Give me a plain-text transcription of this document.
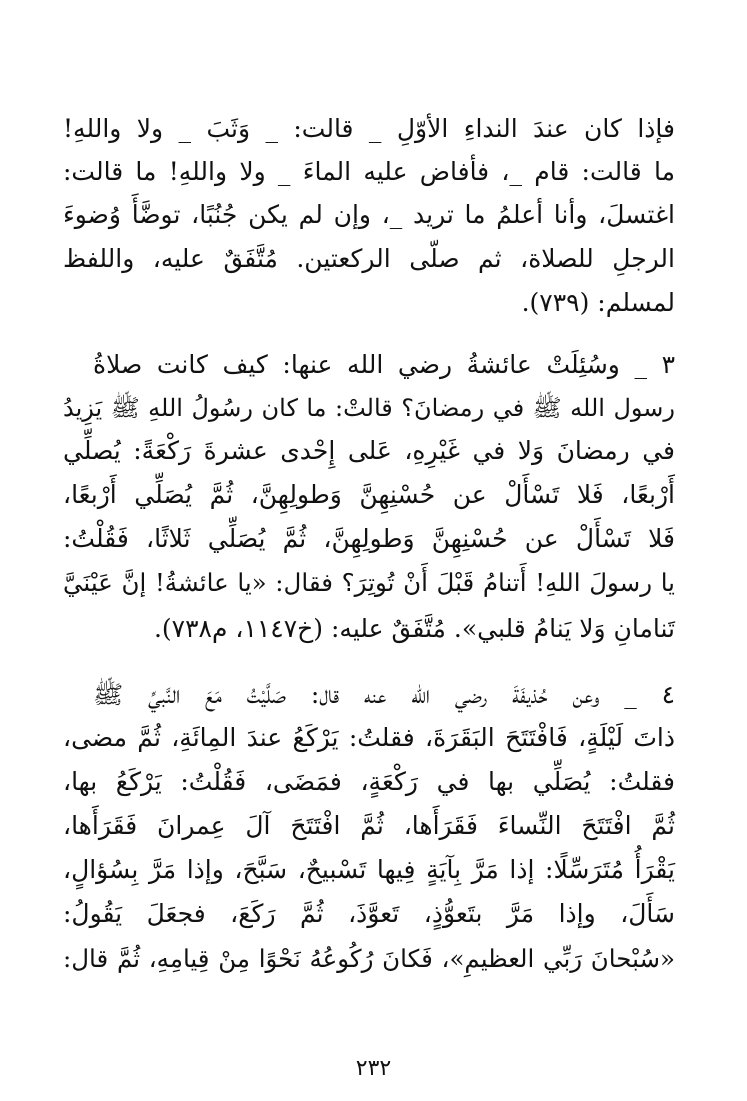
فإذا كان عندَ النداءِ الأوّلِ _ قالت: _ وَثَبَ _ ولا واللهِ!
ما قالت: قام _، فأفاض عليه الماءَ _ ولا واللهِ! ما قالت:
اغتسلَ، وأنا أعلمُ ما تريد _، وإن لم يكن جُنُبًا، توضَّأَ وُضوءَ
الرجلِ للصلاة، ثم صلّى الركعتين. مُتَّفَقٌ عليه، واللفظ
لمسلم: (٧٣٩).
٣ _ وسُئِلَتْ عائشةُ رضي الله عنها: كيف كانت صلاةُ
رسول الله ﷺ في رمضانَ؟ قالتْ: ما كان رسُولُ اللهِ ﷺ يَزِيدُ
في رمضانَ وَلا في غَيْرِهِ، عَلى إِحْدى عشرةَ رَكْعَةً: يُصلِّي
أَرْبعًا، فَلا تَسْأَلْ عن حُسْنِهِنَّ وَطولِهِنَّ، ثُمَّ يُصَلِّي أَرْبعًا،
فَلا تَسْأَلْ عن حُسْنِهِنَّ وَطولِهِنَّ، ثُمَّ يُصَلِّي ثَلاثًا، فَقُلْتُ:
يا رسولَ اللهِ! أَتنامُ قَبْلَ أَنْ تُوتِرَ؟ فقال: «يا عائشةُ! إنَّ عَيْنَيَّ
تَنامانِ وَلا يَنامُ قلبي». مُتَّفَقٌ عليه: (خ١١٤٧، م٧٣٨).
٤ _ وعن حُذيفَةَ رضي الله عنه قال: صَلَّيْتُ مَعَ النَّبيِّ ﷺ
ذاتَ لَيْلَةٍ، فَافْتَتَحَ البَقَرَةَ، فقلتُ: يَرْكَعُ عندَ المِائَةِ، ثُمَّ مضى،
فقلتُ: يُصَلِّي بها في رَكْعَةٍ، فمَضَى، فَقُلْتُ: يَرْكَعُ بها،
ثُمَّ افْتَتَحَ النِّساءَ فَقَرَأَها، ثُمَّ افْتَتَحَ آلَ عِمرانَ فَقَرَأَها،
يَقْرَأُ مُتَرَسِّلًا: إذا مَرَّ بِآيَةٍ فِيها تَسْبيحٌ، سَبَّحَ، وإذا مَرَّ بِسُؤالٍ،
سَأَلَ، وإذا مَرَّ بتَعوُّذٍ، تَعوَّذَ، ثُمَّ رَكَعَ، فجعَلَ يَقُولُ:
«سُبْحانَ رَبِّي العظيمِ»، فَكانَ رُكُوعُهُ نَحْوًا مِنْ قِيامِهِ، ثُمَّ قال:
٢٣٢
